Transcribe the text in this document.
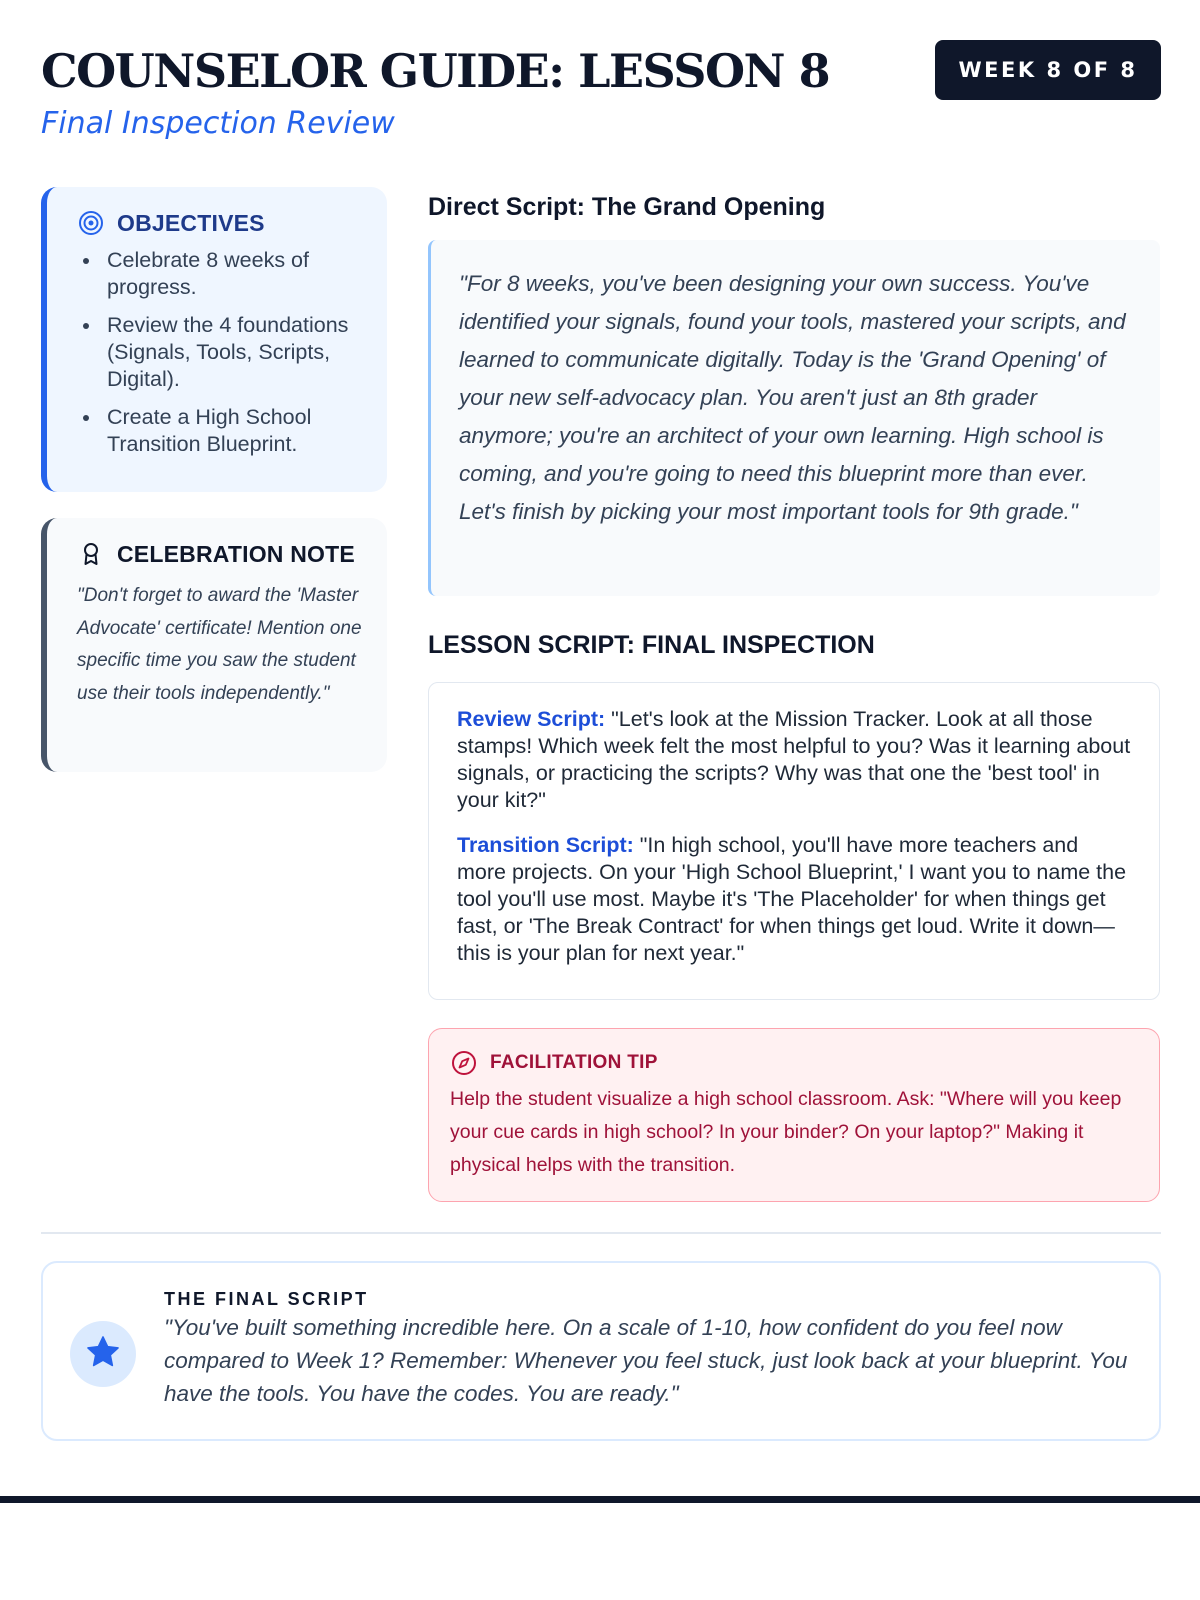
COUNSELOR GUIDE: LESSON 8
Final Inspection Review
WEEK 8 OF 8
OBJECTIVES
Celebrate 8 weeks of progress.
Review the 4 foundations (Signals, Tools, Scripts, Digital).
Create a High School Transition Blueprint.
CELEBRATION NOTE

"Don't forget to award the 'Master Advocate' certificate! Mention one specific time you saw the student use their tools independently."

Direct Script: The Grand Opening

"For 8 weeks, you've been designing your own success. You've identified your signals, found your tools, mastered your scripts, and learned to communicate digitally. Today is the 'Grand Opening' of your new self-advocacy plan. You aren't just an 8th grader anymore; you're an architect of your own learning. High school is coming, and you're going to need this blueprint more than ever. Let's finish by picking your most important tools for 9th grade."

LESSON SCRIPT: FINAL INSPECTION

Review Script: "Let's look at the Mission Tracker. Look at all those stamps! Which week felt the most helpful to you? Was it learning about signals, or practicing the scripts? Why was that one the 'best tool' in your kit?"

Transition Script: "In high school, you'll have more teachers and more projects. On your 'High School Blueprint,' I want you to name the tool you'll use most. Maybe it's 'The Placeholder' for when things get fast, or 'The Break Contract' for when things get loud. Write it down—this is your plan for next year."

FACILITATION TIP

Help the student visualize a high school classroom. Ask: "Where will you keep your cue cards in high school? In your binder? On your laptop?" Making it physical helps with the transition.

THE FINAL SCRIPT

"You've built something incredible here. On a scale of 1-10, how confident do you feel now compared to Week 1? Remember: Whenever you feel stuck, just look back at your blueprint. You have the tools. You have the codes. You are ready."
